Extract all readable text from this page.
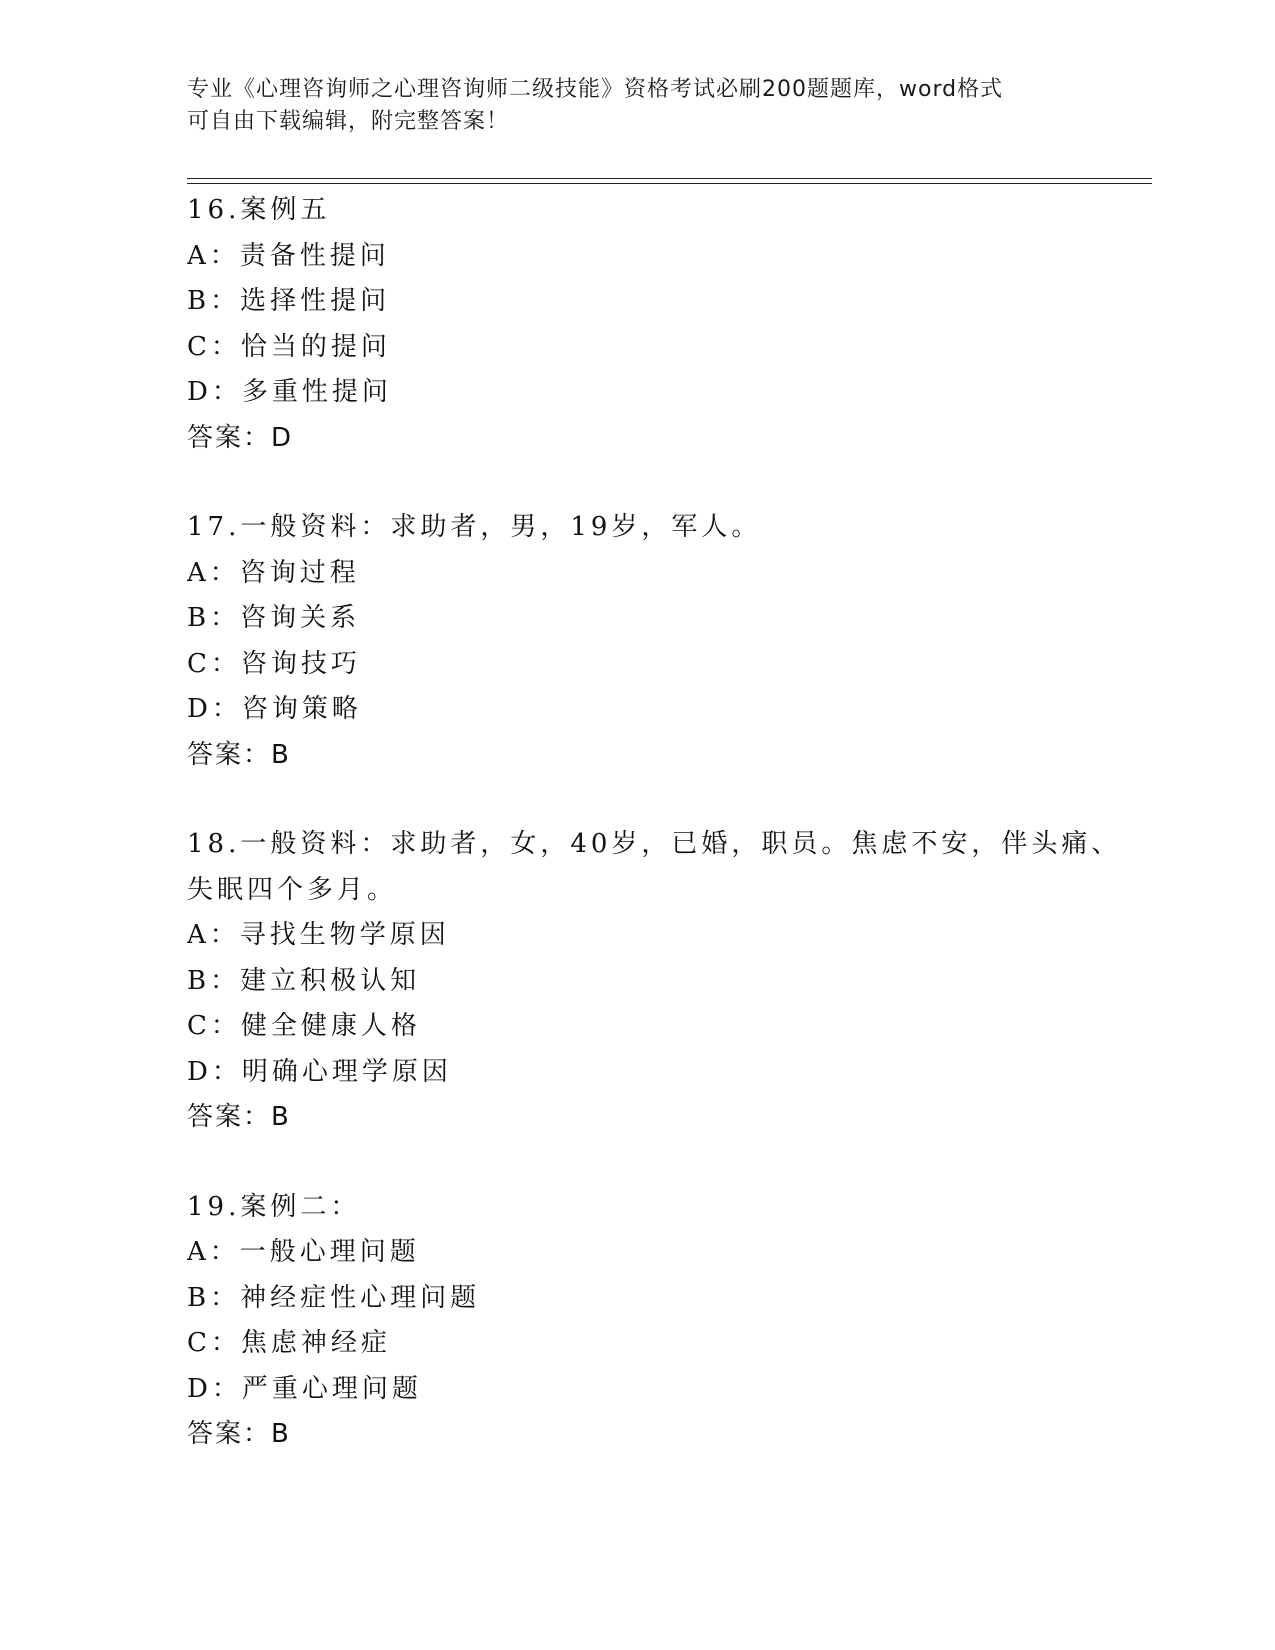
专业《心理咨询师之心理咨询师二级技能》资格考试必刷200题题库，word格式
可自由下载编辑，附完整答案！
16.案例五
A：责备性提问
B：选择性提问
C：恰当的提问
D：多重性提问
答案：D
17.一般资料：求助者，男，19岁，军人。
A：咨询过程
B：咨询关系
C：咨询技巧
D：咨询策略
答案：B
18.一般资料：求助者，女，40岁，已婚，职员。焦虑不安，伴头痛、
失眠四个多月。
A：寻找生物学原因
B：建立积极认知
C：健全健康人格
D：明确心理学原因
答案：B
19.案例二：
A：一般心理问题
B：神经症性心理问题
C：焦虑神经症
D：严重心理问题
答案：B
